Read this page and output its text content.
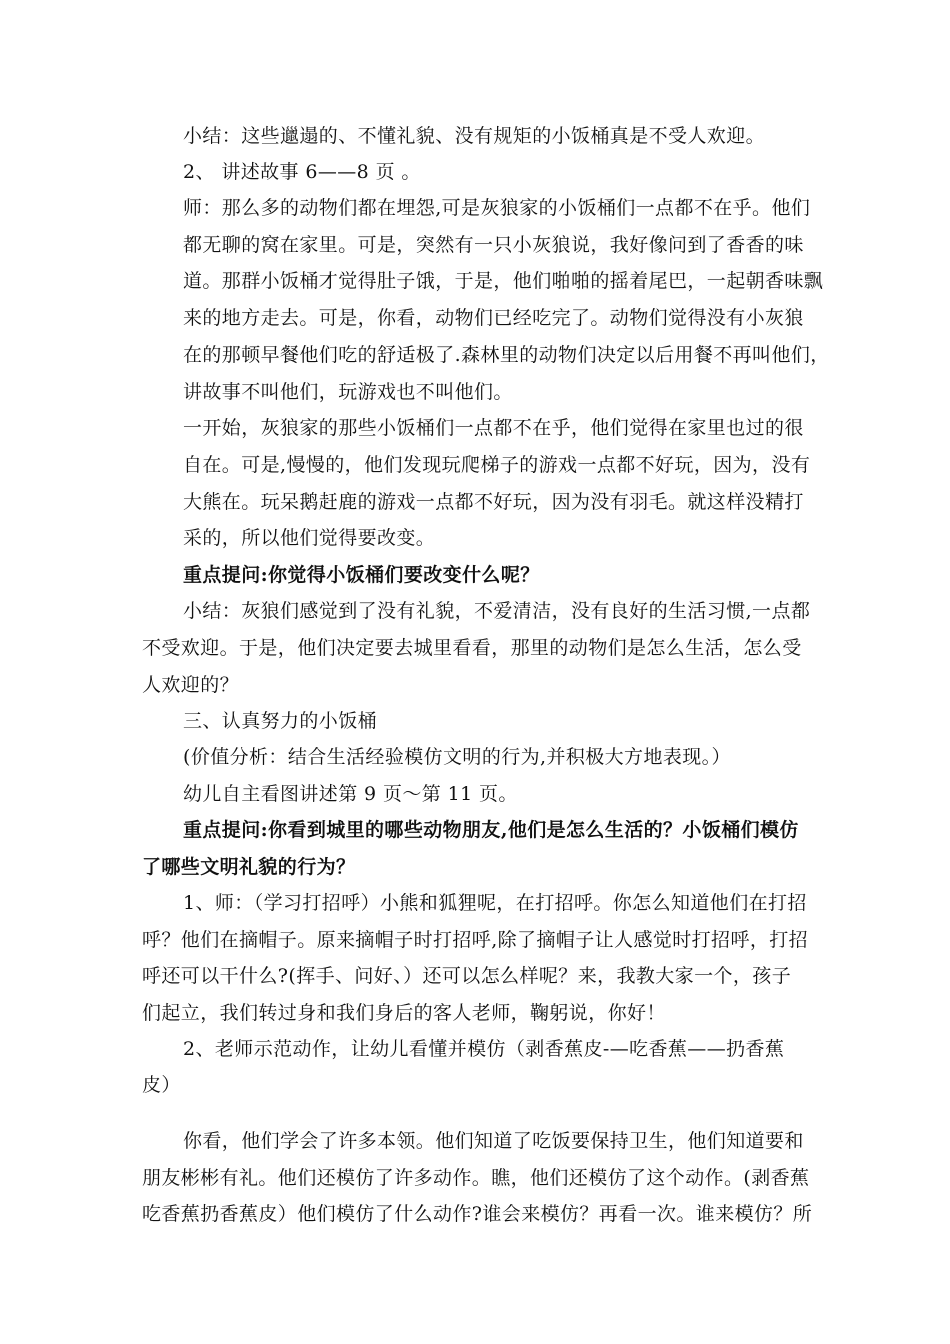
小结：这些邋遢的、不懂礼貌、没有规矩的小饭桶真是不受人欢迎。

2、 讲述故事 6——8 页 。

师：那么多的动物们都在埋怨,可是灰狼家的小饭桶们一点都不在乎。他们

都无聊的窝在家里。可是，突然有一只小灰狼说，我好像问到了香香的味

道。那群小饭桶才觉得肚子饿，于是，他们啪啪的摇着尾巴，一起朝香味飘

来的地方走去。可是，你看，动物们已经吃完了。动物们觉得没有小灰狼

在的那顿早餐他们吃的舒适极了.森林里的动物们决定以后用餐不再叫他们，

讲故事不叫他们，玩游戏也不叫他们。

一开始，灰狼家的那些小饭桶们一点都不在乎，他们觉得在家里也过的很

自在。可是,慢慢的，他们发现玩爬梯子的游戏一点都不好玩，因为，没有

大熊在。玩呆鹅赶鹿的游戏一点都不好玩，因为没有羽毛。就这样没精打

采的，所以他们觉得要改变。

重点提问:你觉得小饭桶们要改变什么呢？

小结：灰狼们感觉到了没有礼貌，不爱清洁，没有良好的生活习惯,一点都

不受欢迎。于是，他们决定要去城里看看，那里的动物们是怎么生活，怎么受

人欢迎的？

三、认真努力的小饭桶

(价值分析：结合生活经验模仿文明的行为,并积极大方地表现。）

幼儿自主看图讲述第 9 页～第 11 页。

重点提问:你看到城里的哪些动物朋友,他们是怎么生活的？小饭桶们模仿

了哪些文明礼貌的行为？

1、师：（学习打招呼）小熊和狐狸呢，在打招呼。你怎么知道他们在打招

呼？他们在摘帽子。原来摘帽子时打招呼,除了摘帽子让人感觉时打招呼，打招

呼还可以干什么?(挥手、问好、）还可以怎么样呢？来，我教大家一个，孩子

们起立，我们转过身和我们身后的客人老师，鞠躬说，你好！

2、老师示范动作，让幼儿看懂并模仿（剥香蕉皮-—吃香蕉——扔香蕉

皮）

你看，他们学会了许多本领。他们知道了吃饭要保持卫生，他们知道要和

朋友彬彬有礼。他们还模仿了许多动作。瞧，他们还模仿了这个动作。(剥香蕉

吃香蕉扔香蕉皮）他们模仿了什么动作?谁会来模仿？再看一次。谁来模仿？所
